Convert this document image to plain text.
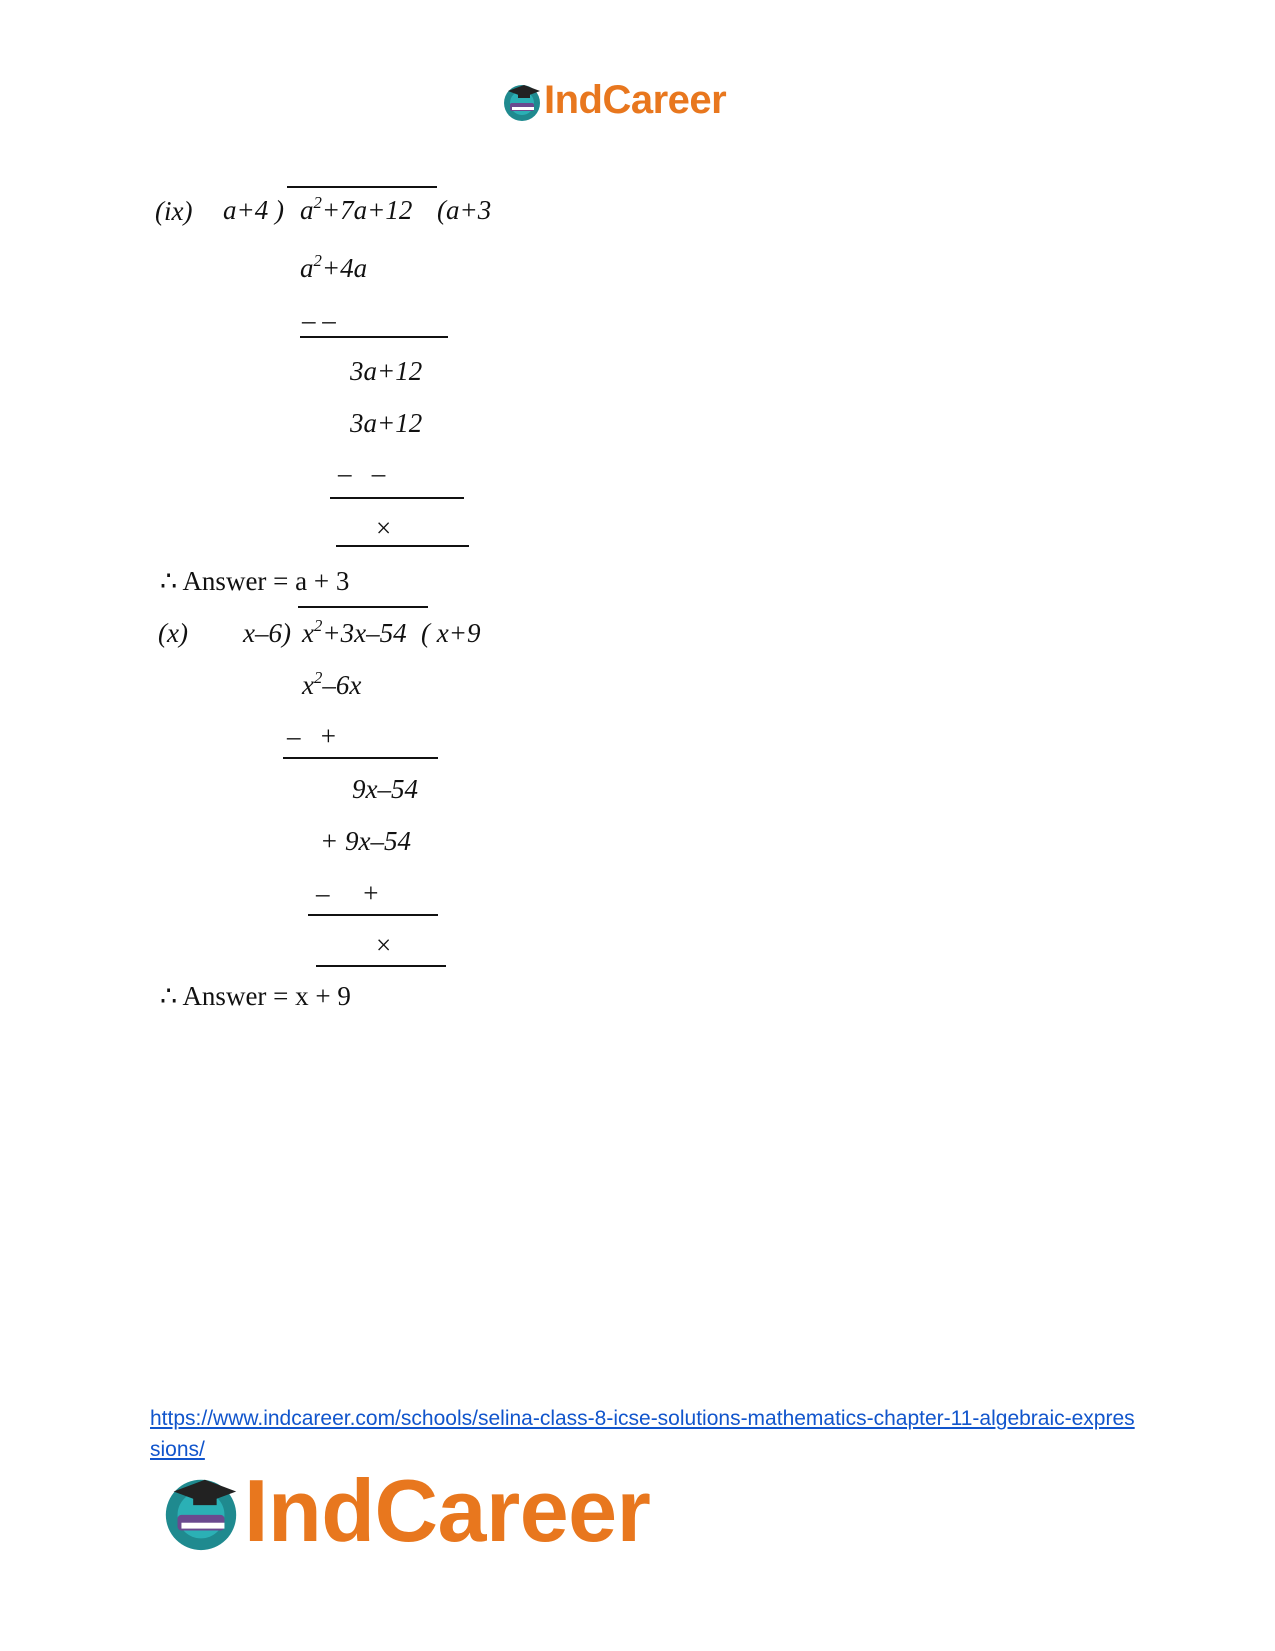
IndCareer
(ix) a+4 ) $a^2+7a+12$ (a+3
$a^2+4a$
– –
3a+12
3a+12
–   –
×
∴ Answer = a + 3
(x) x–6) $x^2+3x-54$ ( x+9
$x^2-6x$
–   +
9x–54
+ 9x–54
–     +
×
∴ Answer = x + 9
https://www.indcareer.com/schools/selina-class-8-icse-solutions-mathematics-chapter-11-algebraic-expressions/
IndCareer
